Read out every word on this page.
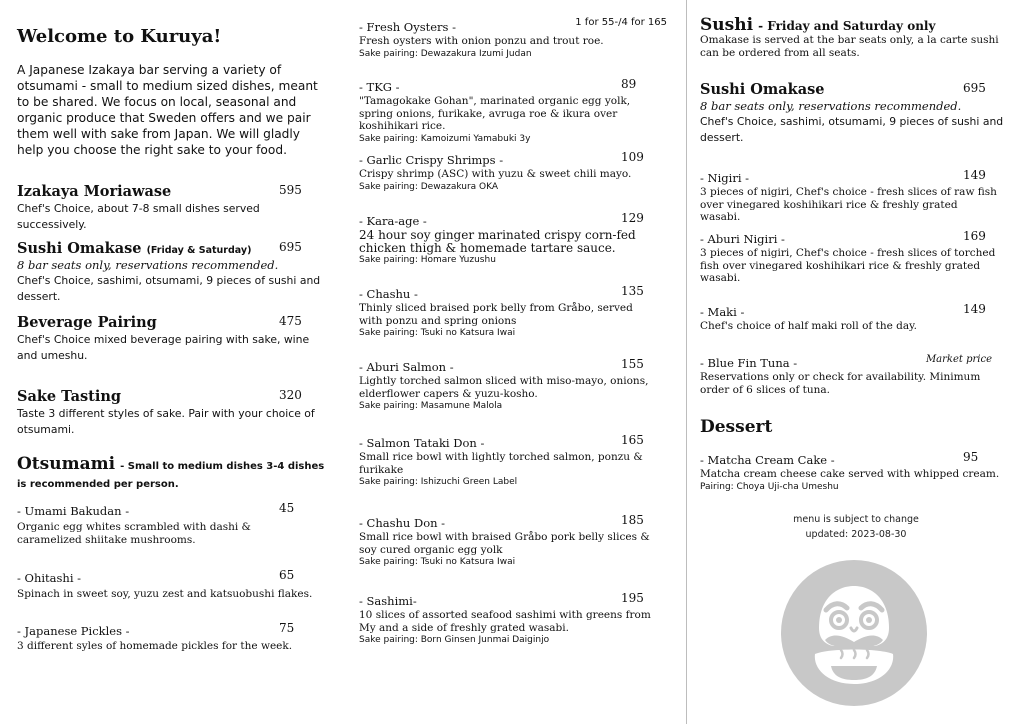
Welcome to Kuruya!
A Japanese Izakaya bar serving a variety of otsumami - small to medium sized dishes, meant to be shared. We focus on local, seasonal and organic produce that Sweden offers and we pair them well with sake from Japan. We will gladly help you choose the right sake to your food.
Izakaya Moriawase	595
Chef's Choice, about 7-8 small dishes served successively.
Sushi Omakase (Friday & Saturday) 695
8 bar seats only, reservations recommended.
Chef's Choice, sashimi, otsumami, 9 pieces of sushi and dessert.
Beverage Pairing	475
Chef's Choice mixed beverage pairing with sake, wine and umeshu.
Sake Tasting	320
Taste 3 different styles of sake. Pair with your choice of otsumami.
Otsumami - Small to medium dishes 3-4 dishes is recommended per person.
- Umami Bakudan -	45
Organic egg whites scrambled with dashi & caramelized shiitake mushrooms.
- Ohitashi -	65
Spinach in sweet soy, yuzu zest and katsuobushi flakes.
- Japanese Pickles -	75
3 different syles of homemade pickles for the week.
- Fresh Oysters -	1 for 55-/4 for 165
Fresh oysters with onion ponzu and trout roe.
Sake pairing: Dewazakura Izumi Judan
- TKG -	89
"Tamagokake Gohan", marinated organic egg yolk, spring onions, furikake, avruga roe & ikura over koshihikari rice.
Sake pairing: Kamoizumi Yamabuki 3y
- Garlic Crispy Shrimps -	109
Crispy shrimp (ASC) with yuzu & sweet chili mayo.
Sake pairing: Dewazakura OKA
- Kara-age -	129
24 hour soy ginger marinated crispy corn-fed chicken thigh & homemade tartare sauce.
Sake pairing: Homare Yuzushu
- Chashu -	135
Thinly sliced braised pork belly from Gråbo, served with ponzu and spring onions
Sake pairing: Tsuki no Katsura Iwai
- Aburi Salmon -	155
Lightly torched salmon sliced with miso-mayo, onions, elderflower capers & yuzu-kosho.
Sake pairing: Masamune Malola
- Salmon Tataki Don -	165
Small rice bowl with lightly torched salmon, ponzu & furikake
Sake pairing: Ishizuchi Green Label
- Chashu Don -	185
Small rice bowl with braised Gråbo pork belly slices & soy cured organic egg yolk
Sake pairing: Tsuki no Katsura Iwai
- Sashimi-	195
10 slices of assorted seafood sashimi with greens from My and a side of freshly grated wasabi.
Sake pairing: Born Ginsen Junmai Daiginjo
Sushi - Friday and Saturday only
Omakase is served at the bar seats only, a la carte sushi can be ordered from all seats.
Sushi Omakase	695
8 bar seats only, reservations recommended.
Chef's Choice, sashimi, otsumami, 9 pieces of sushi and dessert.
- Nigiri -	149
3 pieces of nigiri, Chef's choice - fresh slices of raw fish over vinegared koshihikari rice & freshly grated wasabi.
- Aburi Nigiri -	169
3 pieces of nigiri, Chef's choice - fresh slices of torched fish over vinegared koshihikari rice & freshly grated wasabi.
- Maki -	149
Chef's choice of half maki roll of the day.
- Blue Fin Tuna -	Market price
Reservations only or check for availability. Minimum order of 6 slices of tuna.
Dessert
- Matcha Cream Cake -	95
Matcha cream cheese cake served with whipped cream.
Pairing: Choya Uji-cha Umeshu
menu is subject to change
updated: 2023-08-30
